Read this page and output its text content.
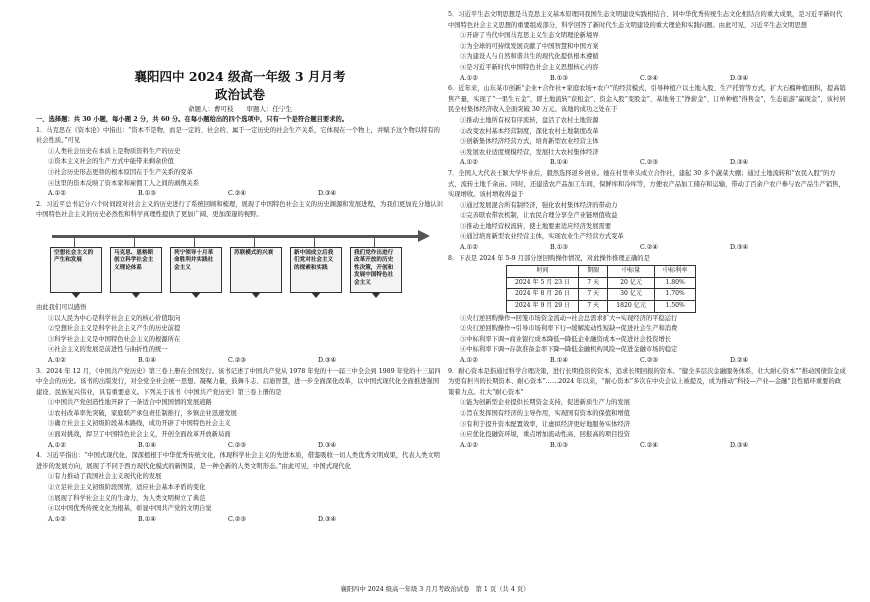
襄阳四中 2024 级高一年级 3 月月考
政治试卷
命题人：曹可枝　　审题人：任宁生
一、选择题：共 30 小题，每小题 2 分，共 60 分。在每小题给出的四个选项中，只有一个是符合题目要求的。
1．马克思在《资本论》中指出：“资本不是物，而是一定的、社会的、属于一定历史的社会生产关系，它体现在一个物上，并赋予这个物以特有的社会性质。”可见
①人类社会历史在本质上是物质资料生产的历史
②资本主义社会的生产方式中能带来剩余价值
③社会历史形态更替的根本原因在于生产关系的变革
④这里的资本反映了资本家和雇佣工人之间的剥削关系
A.①②	B.①③	C.②④	D.③④
2．习近平总书记分六个时间段对社会主义的历史进行了系统回顾和梳理，展现了中国特色社会主义的历史渊源和发展进程，为我们更加充分地认识中国特色社会主义的历史必然性和科学真理性提供了更加广阔、更加深邃的视野。
空想社会主义的产生和发展
马克思、恩格斯创立科学社会主义理论体系
列宁领导十月革命胜利并实践社会主义
苏联模式的兴衰	新中国成立后我们党对社会主义的探索和实践
我们党作出进行改革开放的历史性决策，开创和发展中国特色社会主义
由此我们可以感悟
①以人民为中心是科学社会主义的核心价值取向
②空想社会主义是科学社会主义产生的历史前提
③科学社会主义是中国特色社会主义的根源所在
④社会主义的发展是前进性与曲折性的统一
A.①②	B.①④	C.②③	D.③④
3．2024 年 12 月，《中国共产党历史》第三卷上册在全国发行。该书记述了中国共产党从 1978 年党的十一届三中全会到 1989 年党的十三届四中全会的历史。该书的出版发行，对全党全社会统一思想、凝聚力量，鼓舞斗志、启迪智慧，进一步全面深化改革，以中国式现代化全面推进强国建设、民族复兴伟业，具有重要意义。下列关于该书《中国共产党历史》第三卷上册的是
①中国共产党创造性地开辟了一条适合中国国情的发展道路
②农村改革率先突破，家庭联产承包责任制推行，乡镇企业迅速发展
③确立社会主义初级阶段基本路线，成功开辟了中国特色社会主义
④面对挑战，捍卫了中国特色社会主义，开创全面改革开放新局面
A.①②	B.①④	C.②③	D.③④
4．习近平指出：“中国式现代化，深深植根于中华优秀传统文化，体现科学社会主义的先进本质，借鉴吸收一切人类优秀文明成果，代表人类文明进步的发展方向，展现了不同于西方现代化模式的新图景，是一种全新的人类文明形态。”由此可见，中国式现代化
①有力推动了我国社会主义现代化的发展
②立足社会主义初级阶段国情，适应社会基本矛盾的变化
③展现了科学社会主义的生命力，为人类文明树立了典范
④以中国优秀传统文化为根基，彰显中国共产党的文明自觉
A.①②	B.①④	C.②③	D.③④
5．习近平生态文明思想是马克思主义基本原理同我国生态文明建设实践相结合、同中华优秀传统生态文化相结合的重大成果，是习近平新时代中国特色社会主义思想的重要组成部分，科学回答了新时代生态文明建设的重大理论和实践问题。由此可见，习近平生态文明思想
①开辟了当代中国马克思主义生态文明理论新境界
②为全球的可持续发展贡献了中国智慧和中国方案
③为建设人与自然和谐共生的现代化提供根本遵循
④是习近平新时代中国特色社会主义思想核心内容
A.①②	B.①③	C.②④	D.③④
6．近年来，山东某市创新“企业+合作社+家庭农场+农户”的经营模式，引导种植户以土地入股、生产托管等方式，扩大石榴种植面积，提高销售产量，实现了“一果生五金”，即土地流转“获租金”、资金入股“变股金”、基地务工“挣薪金”、订单种植“得售金”，生态旅游“赢现金”，该村居民全村集体经济收入全面突破 30 万元。该地的成功之处在于
①推动土地所有权有序流转，盘活了农村土地资源
②改变农村基本经营制度，深化农村土地制度改革
③创新集体经济经营方式，培育新型农业经营主体
④发展农业适度规模经营，发展壮大农村集体经济
A.①②	B.①④	C.②③	D.③④
7．全国人大代表王颖大学毕业后，毅然选择返乡创业。她在村里牵头成立合作社，建起 30 多个蔬菜大棚；通过土地流转和“农民入股”的方式，流转土地千余亩。同时，还建造农产品加工车间，保鲜库和冷库等，方便农产品加工储存和运输，带动了百余户农户参与农产品生产销售，实现增收。该村增收得益于
①通过发展混合所有制经济，强化农村集体经济的带动力
②完善联农带农机制，让农民合理分享全产业链增值收益
③推动土地经营权流转，使土地要素适应经济发展需要
④通过培育新型农业经营主体，实现农业生产经营方式变革
A.①②	B.①③	C.②④	D.③④
8．下表是 2024 年 5-9 月部分逆回购操作情况，对此操作推理正确的是
时间	期限	中标量	中标利率
2024 年 5 月 23 日	7 天	20 亿元	1.80%
2024 年 8 月 26 日	7 天	30 亿元	1.70%
2024 年 9 月 29 日	7 天	1820 亿元	1.50%
①央行逆回购操作→回笼市场资金流动→社会总需求扩大→实现经济的平稳运行
②央行逆回购操作→引导市场利率下行→缓解流动性短缺→促进社会生产和消费
③中标利率下调→商业银行成本降低→降低企业融资成本→促进社会投资增长
④中标利率下调→存款准备金率下降→降低金融机构风险→促进金融市场的稳定
A.①②	B.①④	C.②③	D.②④
9．耐心资本是指通过科学合理决策，进行长期投资的资本，追求长期回报的资本。“健全多层次金融服务体系，壮大耐心资本”“推动国债资金成为更有担当的长期资本、耐心资本”……2024 年以来，“耐心资本”多次在中央会议上被提及，成为推动“科技—产业—金融”良性循环重要的政策着力点。壮大“耐心资本”
①能为创新型企业提供长期资金支持，促进新质生产力的发展
②旨在发挥国有经济的主导作用，实现国有资本的保值和增值
③有利于提升资本配置效率，让虚拟经济更好地服务实体经济
④应优化投融资环境，重点增加流动性高、回报高的项目投资
A.①②	B.①③	C.②④	D.③④
襄阳四中 2024 级高一年级 3 月月考政治试卷　第 1 页（共 4 页）
